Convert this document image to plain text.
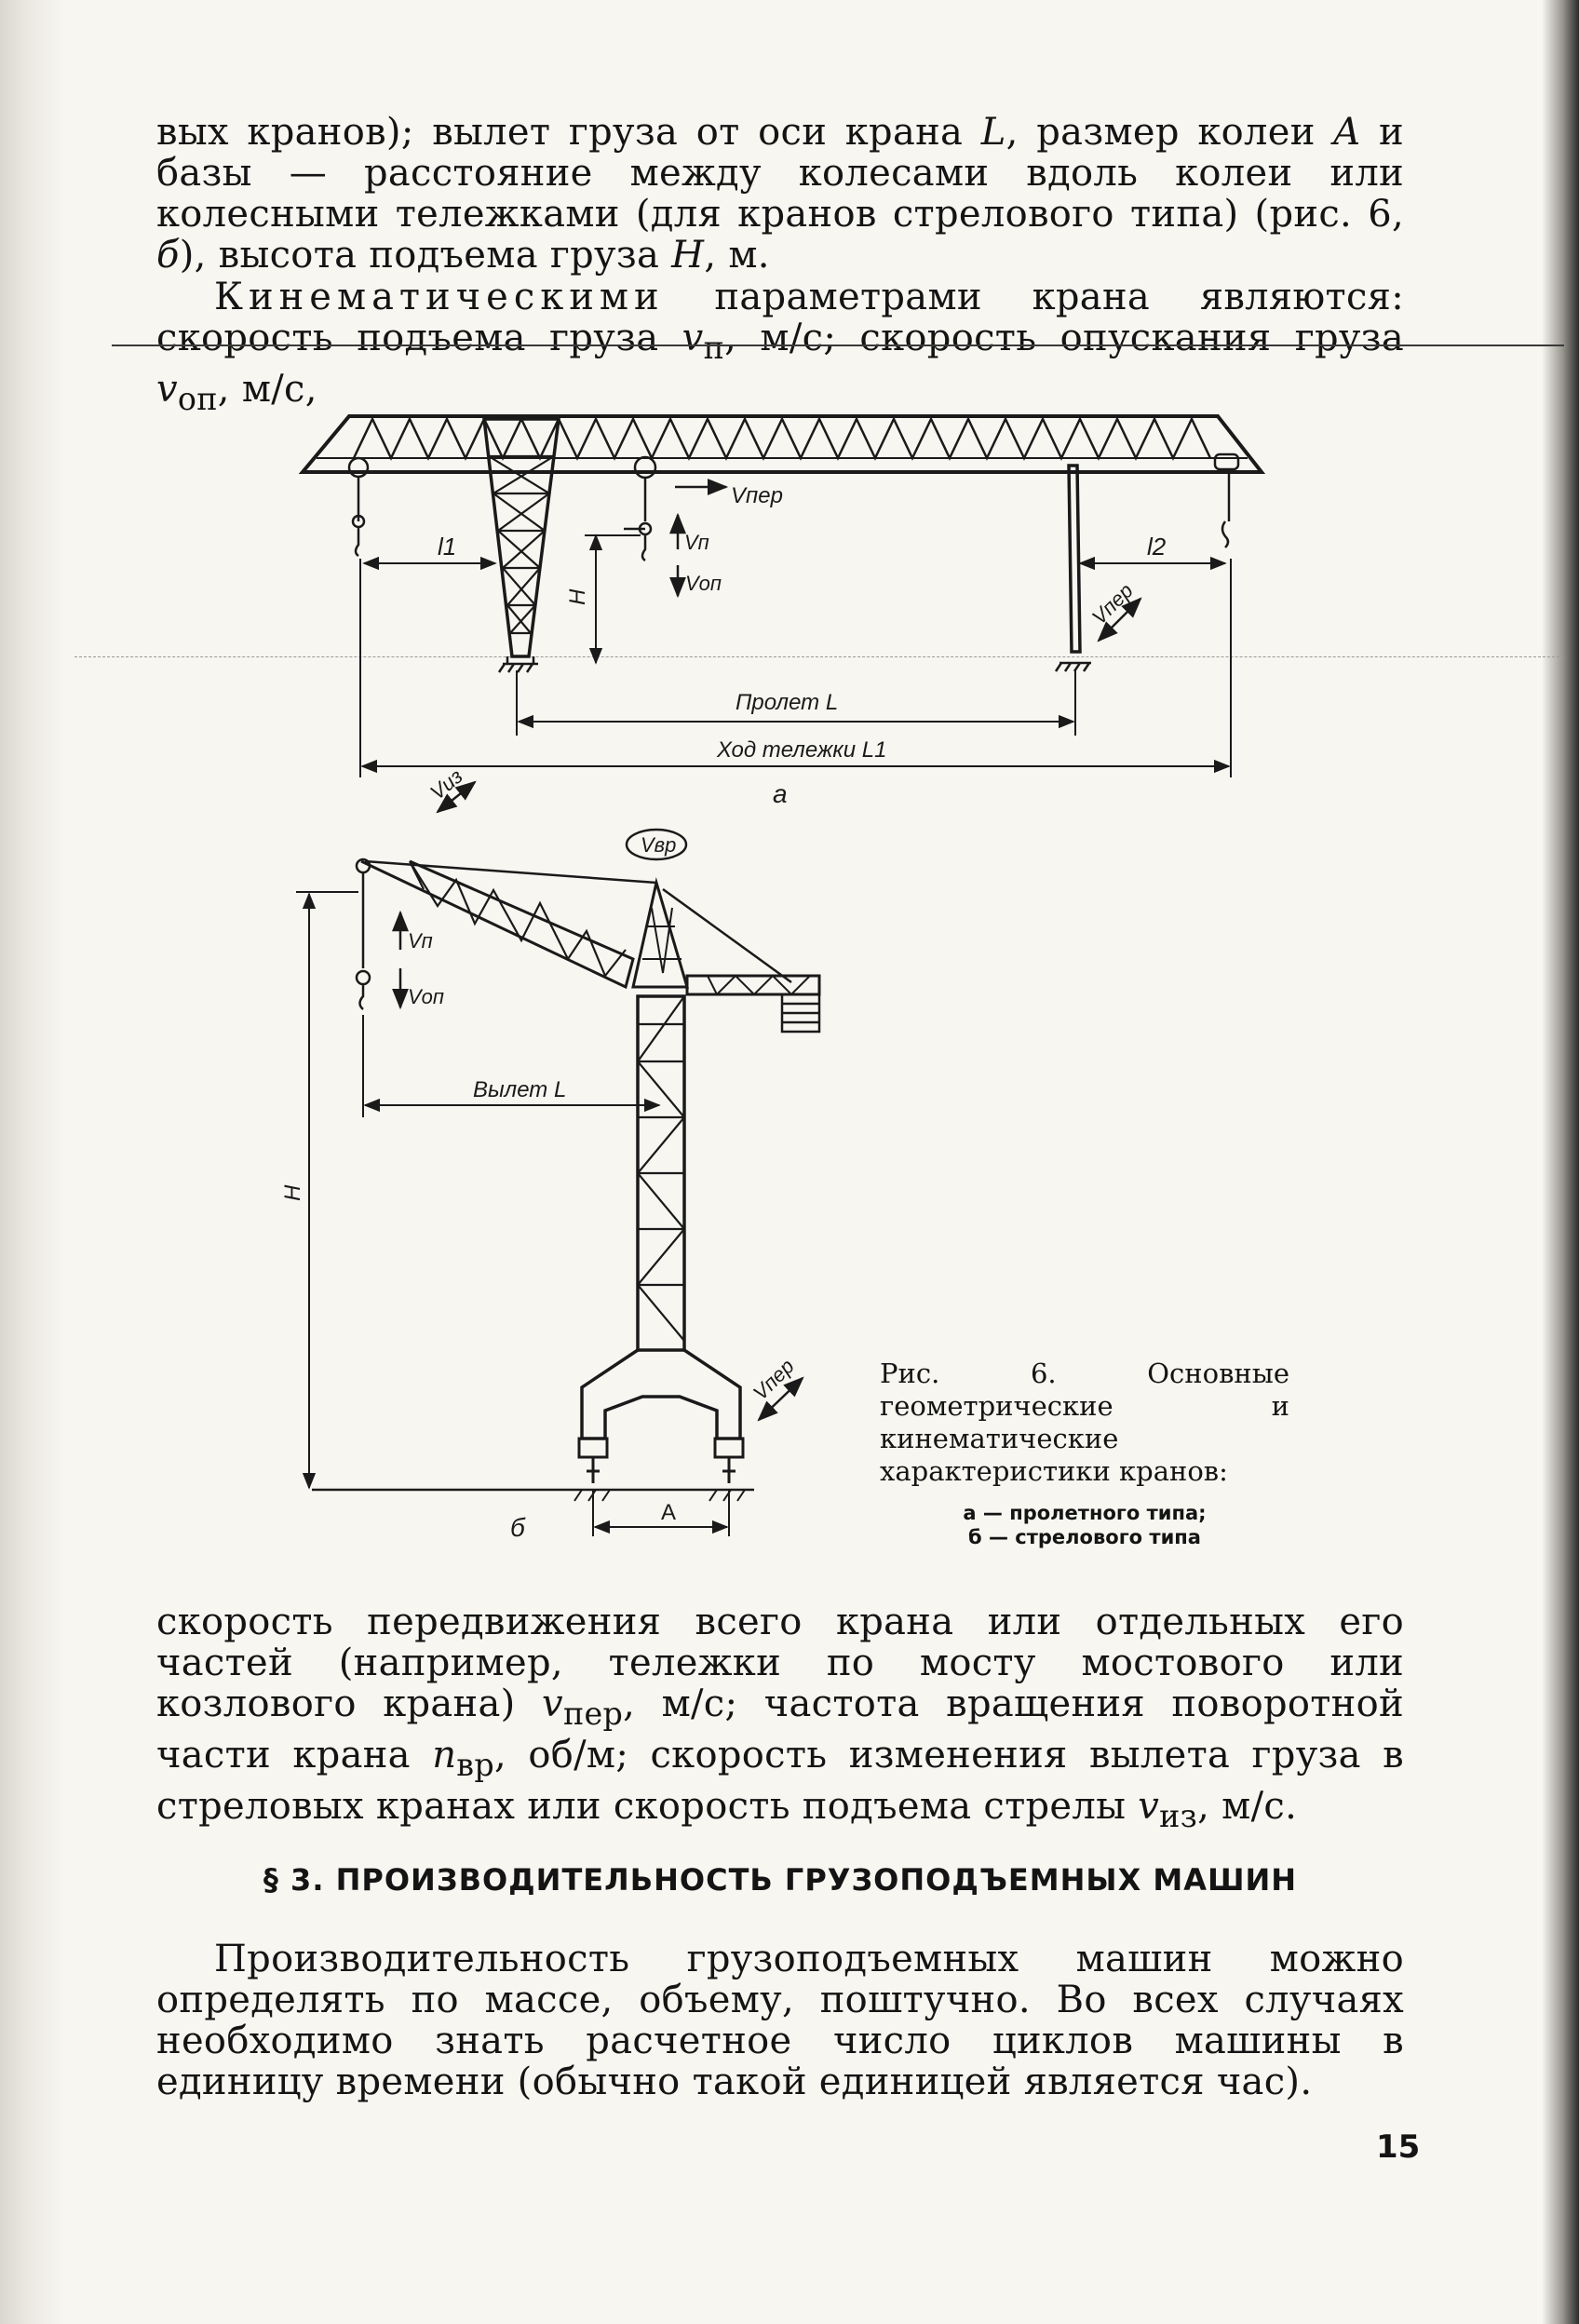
вых кранов); вылет груза от оси крана L, размер колеи A и базы — расстояние между колесами вдоль колеи или колесными тележками (для кранов стрелового типа) (рис. 6, б), высота подъема груза H, м.
Кинематическими параметрами крана являются: скорость подъема груза $v_п$, м/с; скорость опускания груза $v_{оп}$, м/с,
Vпер
Vп
Vоп
l1
H
l2
Vпер
Пролет L
Ход тележки L1
а
Vиз
Vвр
Vп
Vоп
Вылет L
H
Vпер
A
б
Рис. 6. Основные геометрические и кинематические характеристики кранов:
а — пролетного типа;
б — стрелового типа
скорость передвижения всего крана или отдельных его частей (например, тележки по мосту мостового или козлового крана) $v_{пер}$, м/с; частота вращения поворотной части крана $n_{вр}$, об/м; скорость изменения вылета груза в стреловых кранах или скорость подъема стрелы $v_{из}$, м/с.
§ 3. ПРОИЗВОДИТЕЛЬНОСТЬ ГРУЗОПОДЪЕМНЫХ МАШИН
Производительность грузоподъемных машин можно определять по массе, объему, поштучно. Во всех случаях необходимо знать расчетное число циклов машины в единицу времени (обычно такой единицей является час).
15
